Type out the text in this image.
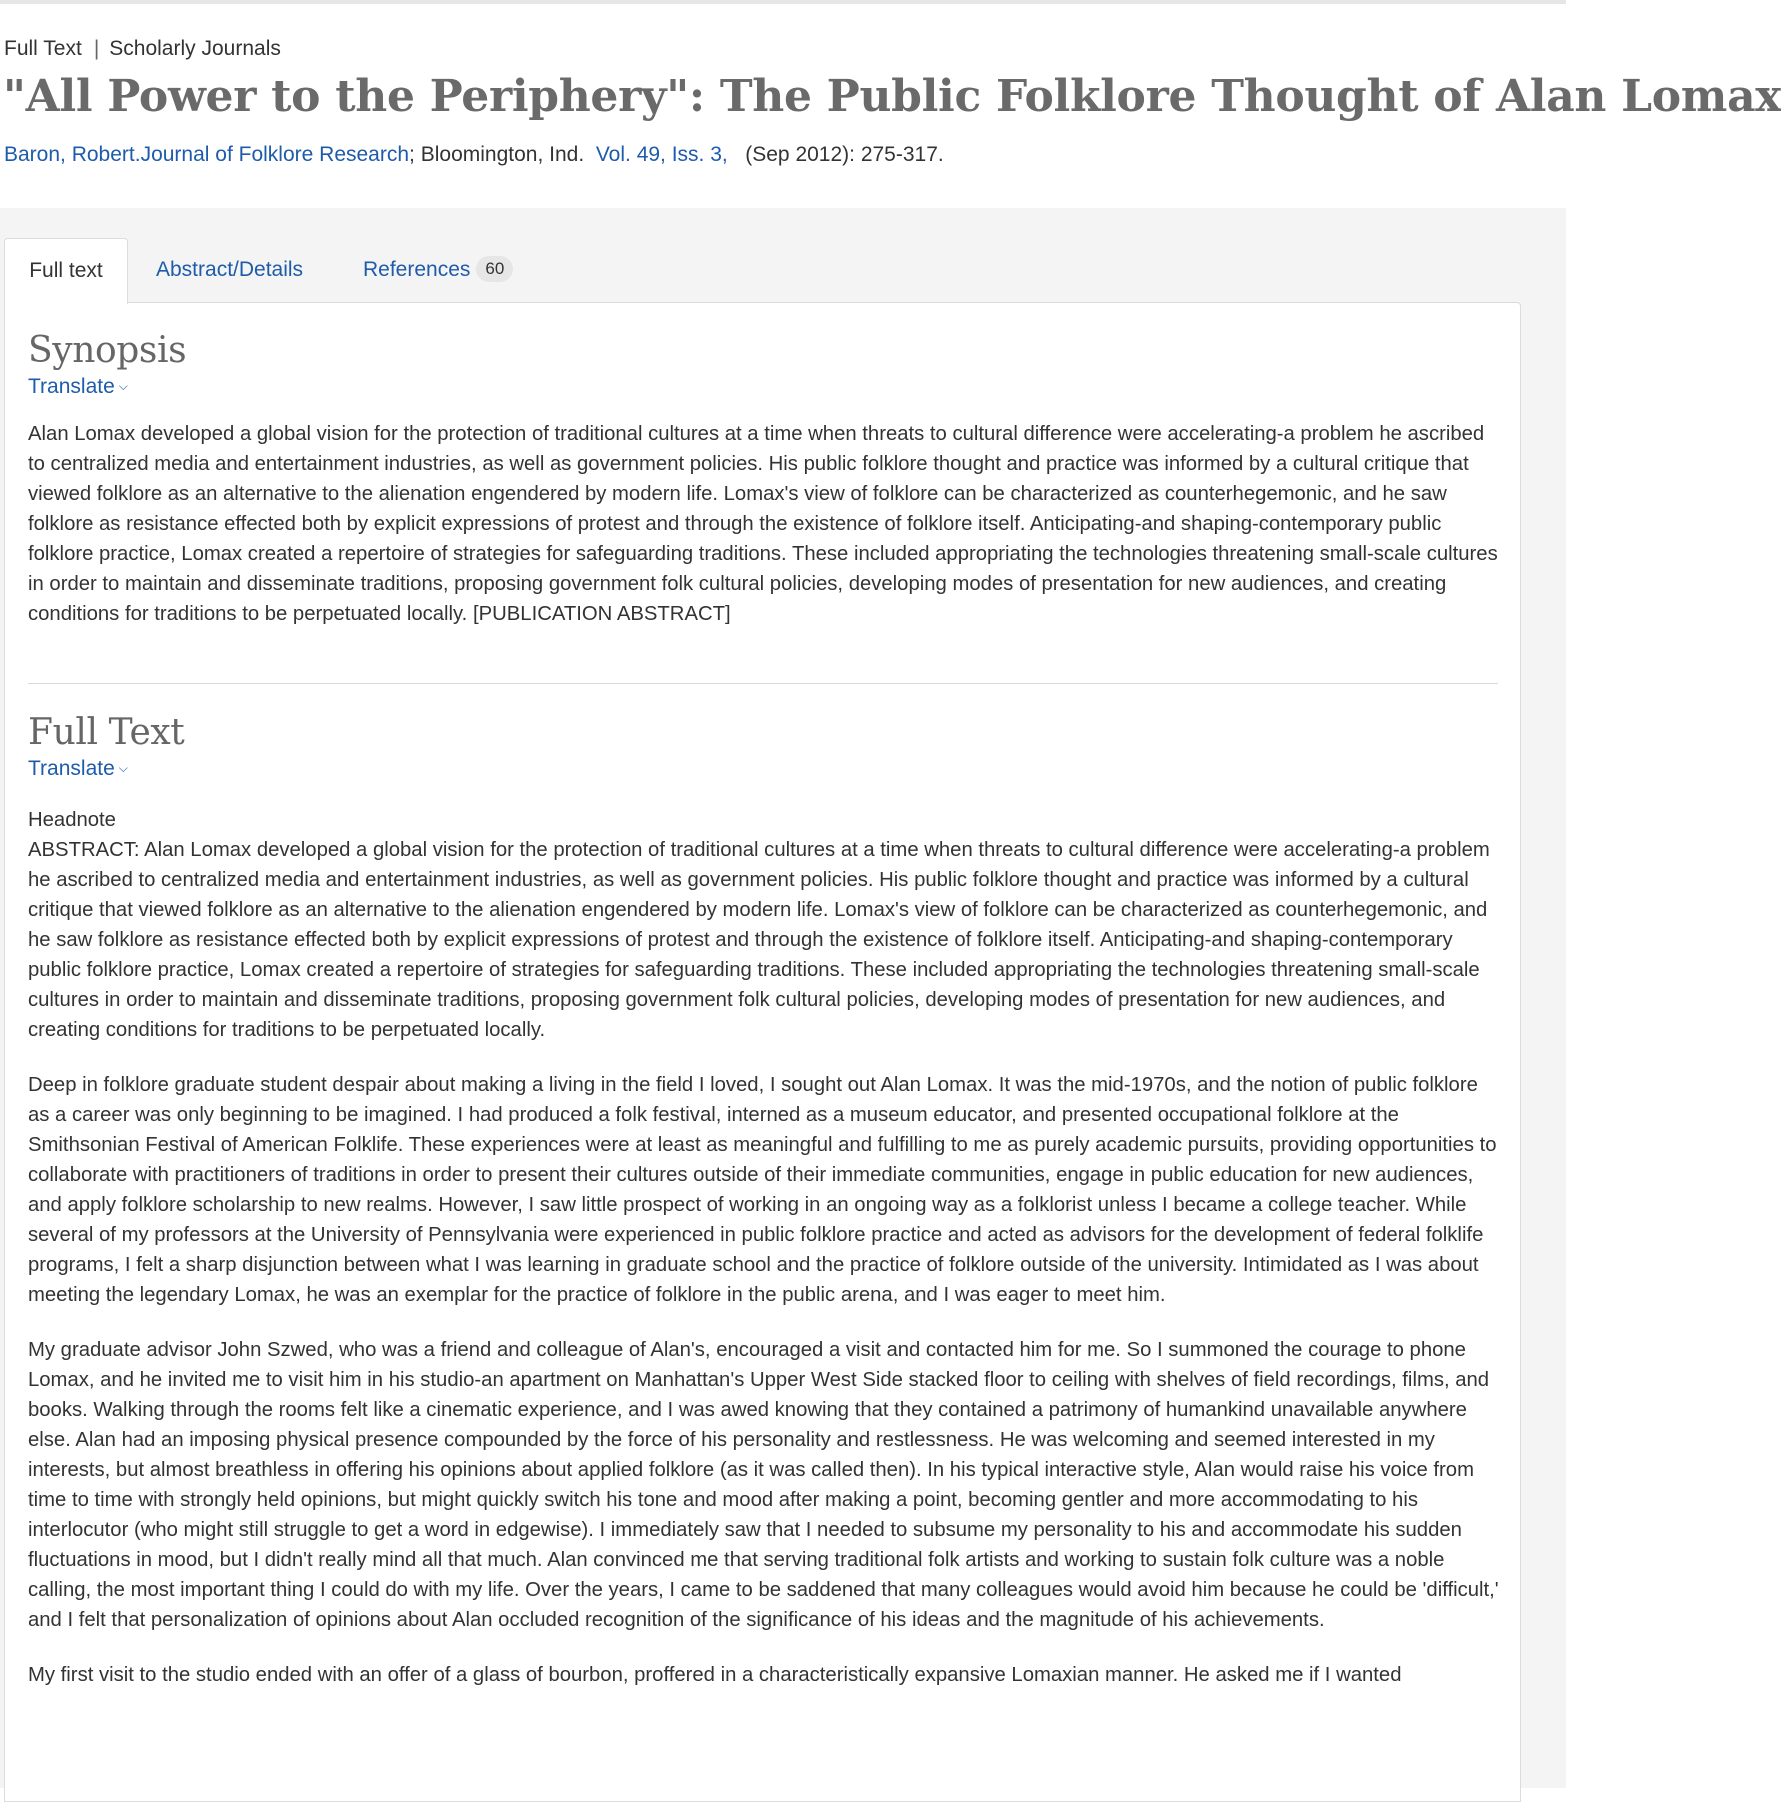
Full Text | Scholarly Journals
"All Power to the Periphery": The Public Folklore Thought of Alan Lomax
Baron, Robert.Journal of Folklore Research; Bloomington, Ind. Vol. 49, Iss. 3, (Sep 2012): 275-317.
Full text	Abstract/Details	References 60
Synopsis
Translate ⌵

Alan Lomax developed a global vision for the protection of traditional cultures at a time when threats to cultural difference were accelerating-a problem he ascribed to centralized media and entertainment industries, as well as government policies. His public folklore thought and practice was informed by a cultural critique that viewed folklore as an alternative to the alienation engendered by modern life. Lomax's view of folklore can be characterized as counterhegemonic, and he saw folklore as resistance effected both by explicit expressions of protest and through the existence of folklore itself. Anticipating-and shaping-contemporary public folklore practice, Lomax created a repertoire of strategies for safeguarding traditions. These included appropriating the technologies threatening small-scale cultures in order to maintain and disseminate traditions, proposing government folk cultural policies, developing modes of presentation for new audiences, and creating conditions for traditions to be perpetuated locally. [PUBLICATION ABSTRACT]

Full Text
Translate ⌵

Headnote

ABSTRACT: Alan Lomax developed a global vision for the protection of traditional cultures at a time when threats to cultural difference were accelerating-a problem he ascribed to centralized media and entertainment industries, as well as government policies. His public folklore thought and practice was informed by a cultural critique that viewed folklore as an alternative to the alienation engendered by modern life. Lomax's view of folklore can be characterized as counterhegemonic, and he saw folklore as resistance effected both by explicit expressions of protest and through the existence of folklore itself. Anticipating-and shaping-contemporary public folklore practice, Lomax created a repertoire of strategies for safeguarding traditions. These included appropriating the technologies threatening small-scale cultures in order to maintain and disseminate traditions, proposing government folk cultural policies, developing modes of presentation for new audiences, and creating conditions for traditions to be perpetuated locally.

Deep in folklore graduate student despair about making a living in the field I loved, I sought out Alan Lomax. It was the mid-1970s, and the notion of public folklore as a career was only beginning to be imagined. I had produced a folk festival, interned as a museum educator, and presented occupational folklore at the Smithsonian Festival of American Folklife. These experiences were at least as meaningful and fulfilling to me as purely academic pursuits, providing opportunities to collaborate with practitioners of traditions in order to present their cultures outside of their immediate communities, engage in public education for new audiences, and apply folklore scholarship to new realms. However, I saw little prospect of working in an ongoing way as a folklorist unless I became a college teacher. While several of my professors at the University of Pennsylvania were experienced in public folklore practice and acted as advisors for the development of federal folklife programs, I felt a sharp disjunction between what I was learning in graduate school and the practice of folklore outside of the university. Intimidated as I was about meeting the legendary Lomax, he was an exemplar for the practice of folklore in the public arena, and I was eager to meet him.

My graduate advisor John Szwed, who was a friend and colleague of Alan's, encouraged a visit and contacted him for me. So I summoned the courage to phone Lomax, and he invited me to visit him in his studio-an apartment on Manhattan's Upper West Side stacked floor to ceiling with shelves of field recordings, films, and books. Walking through the rooms felt like a cinematic experience, and I was awed knowing that they contained a patrimony of humankind unavailable anywhere else. Alan had an imposing physical presence compounded by the force of his personality and restlessness. He was welcoming and seemed interested in my interests, but almost breathless in offering his opinions about applied folklore (as it was called then). In his typical interactive style, Alan would raise his voice from time to time with strongly held opinions, but might quickly switch his tone and mood after making a point, becoming gentler and more accommodating to his interlocutor (who might still struggle to get a word in edgewise). I immediately saw that I needed to subsume my personality to his and accommodate his sudden fluctuations in mood, but I didn't really mind all that much. Alan convinced me that serving traditional folk artists and working to sustain folk culture was a noble calling, the most important thing I could do with my life. Over the years, I came to be saddened that many colleagues would avoid him because he could be 'difficult,' and I felt that personalization of opinions about Alan occluded recognition of the significance of his ideas and the magnitude of his achievements.

My first visit to the studio ended with an offer of a glass of bourbon, proffered in a characteristically expansive Lomaxian manner. He asked me if I wanted
